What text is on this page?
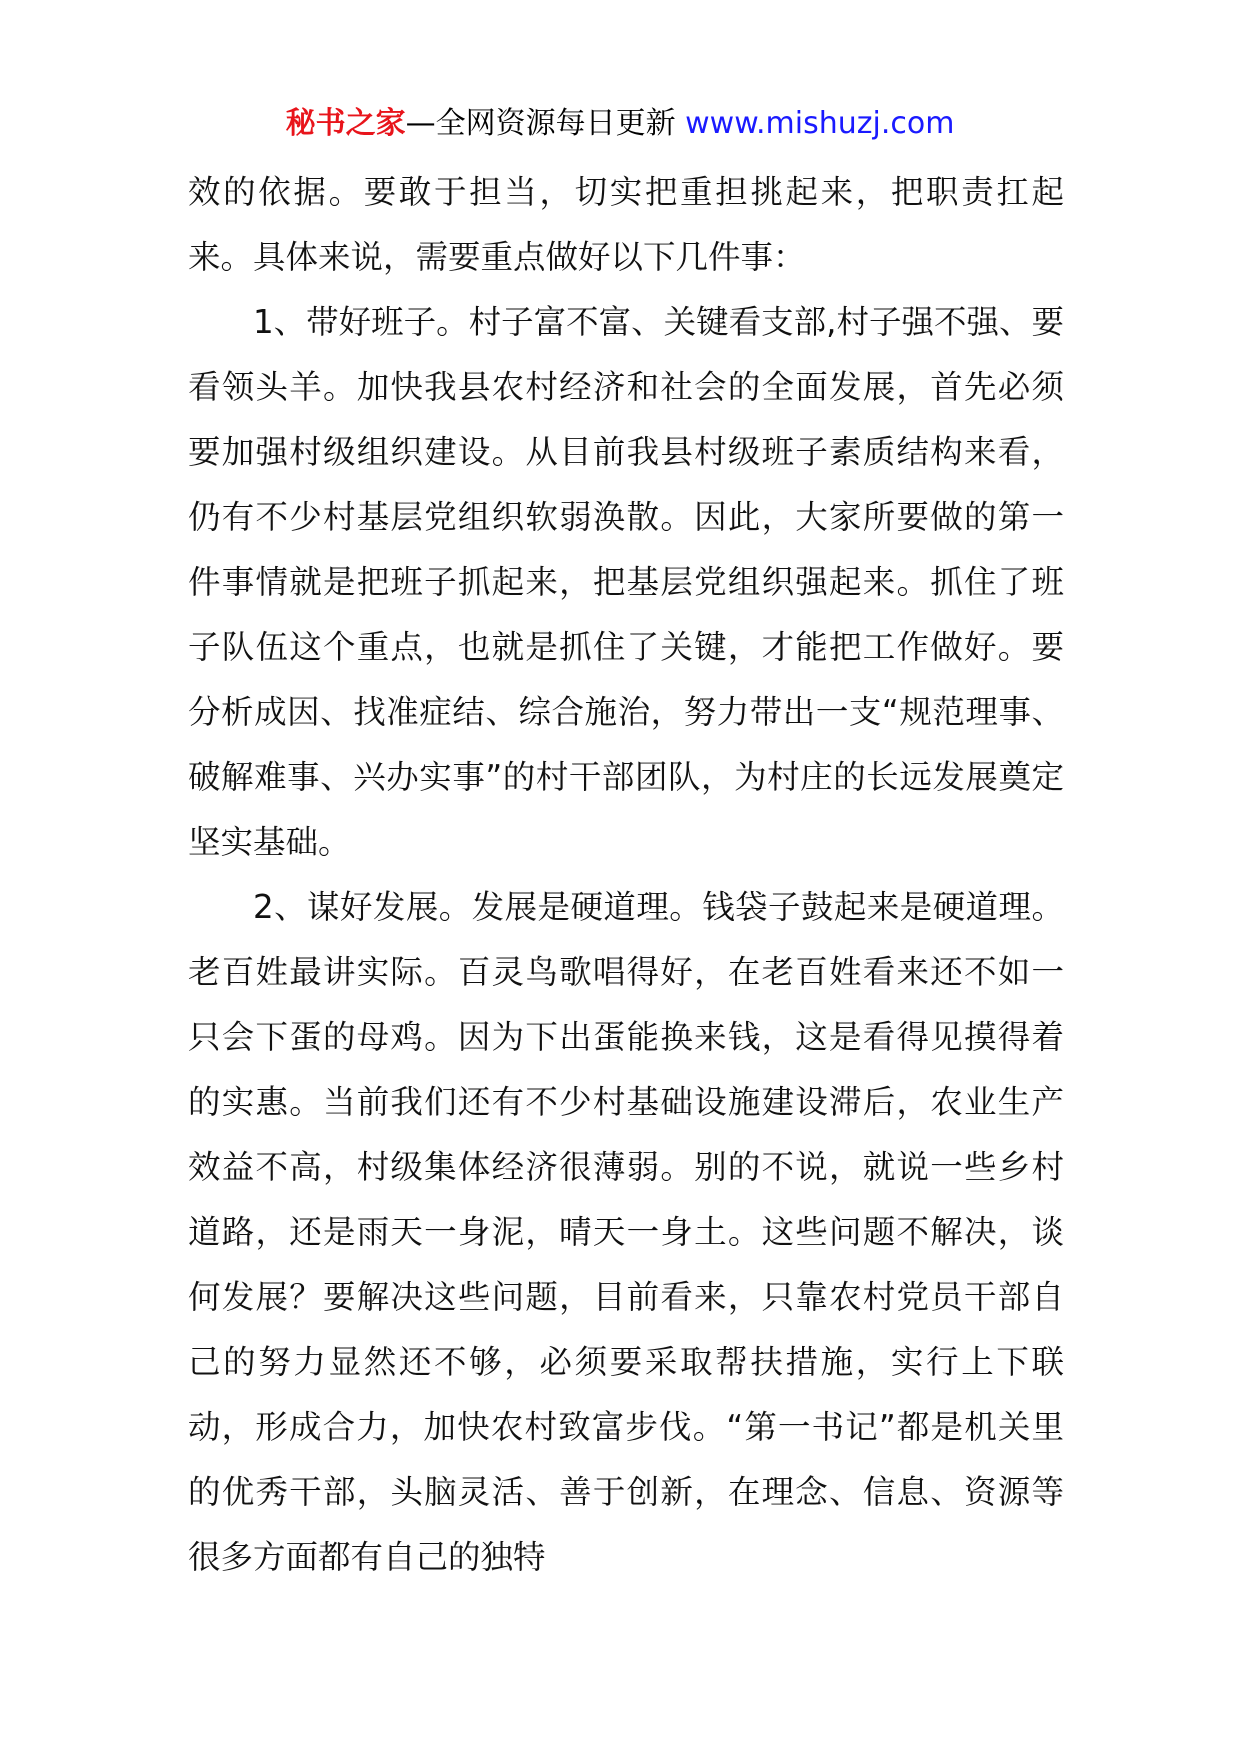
秘书之家—全网资源每日更新 www.mishuzj.com

效的依据。要敢于担当，切实把重担挑起来，把职责扛起来。具体来说，需要重点做好以下几件事：

1、带好班子。村子富不富、关键看支部,村子强不强、要看领头羊。加快我县农村经济和社会的全面发展，首先必须要加强村级组织建设。从目前我县村级班子素质结构来看，仍有不少村基层党组织软弱涣散。因此，大家所要做的第一件事情就是把班子抓起来，把基层党组织强起来。抓住了班子队伍这个重点，也就是抓住了关键，才能把工作做好。要分析成因、找准症结、综合施治，努力带出一支“规范理事、破解难事、兴办实事”的村干部团队，为村庄的长远发展奠定坚实基础。

2、谋好发展。发展是硬道理。钱袋子鼓起来是硬道理。老百姓最讲实际。百灵鸟歌唱得好，在老百姓看来还不如一只会下蛋的母鸡。因为下出蛋能换来钱，这是看得见摸得着的实惠。当前我们还有不少村基础设施建设滞后，农业生产效益不高，村级集体经济很薄弱。别的不说，就说一些乡村道路，还是雨天一身泥，晴天一身土。这些问题不解决，谈何发展？要解决这些问题，目前看来，只靠农村党员干部自己的努力显然还不够，必须要采取帮扶措施，实行上下联动，形成合力，加快农村致富步伐。“第一书记”都是机关里的优秀干部，头脑灵活、善于创新，在理念、信息、资源等很多方面都有自己的独特
